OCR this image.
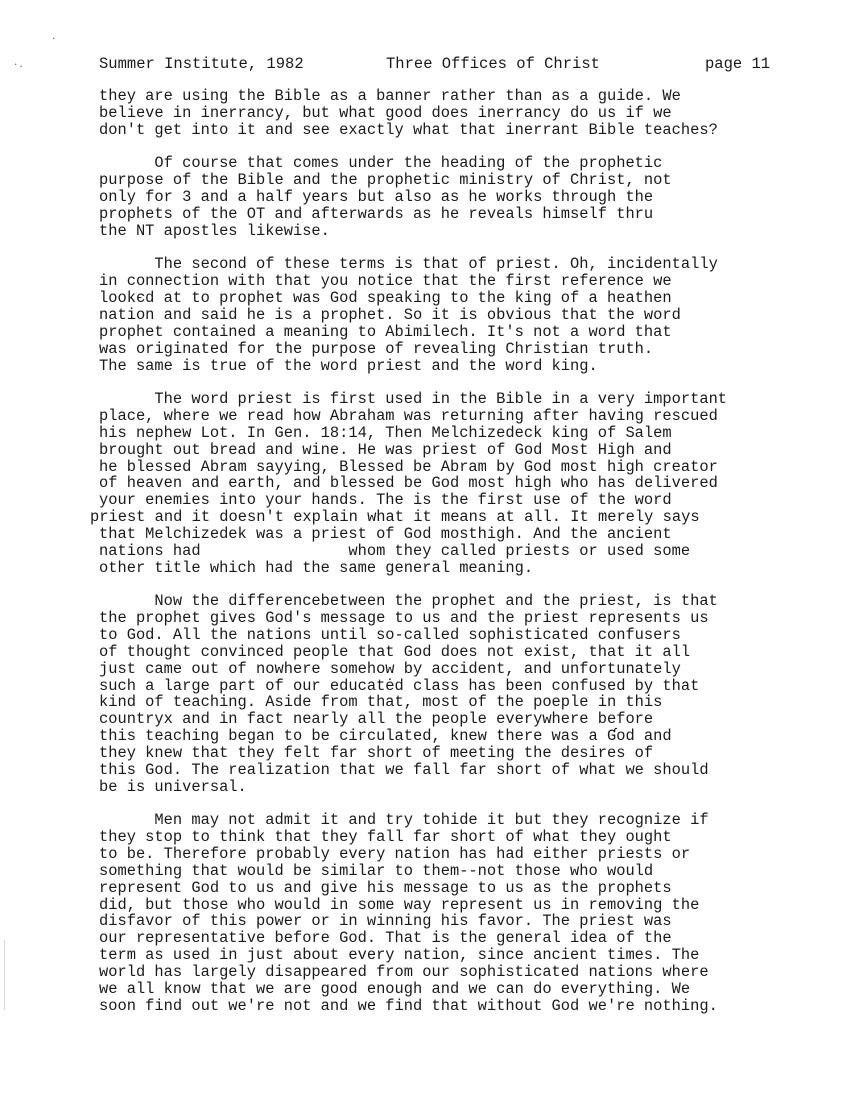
·
·.	Summer Institute, 1982	Three Offices of Christ	page 11
they are using the Bible as a banner rather than as a guide. We
believe in inerrancy, but what good does inerrancy do us if we
don't get into it and see exactly what that inerrant Bible teaches?
Of course that comes under the heading of the prophetic
purpose of the Bible and the prophetic ministry of Christ, not
only for 3 and a half years but also as he works through the
prophets of the OT and afterwards as he reveals himself thru
the NT apostles likewise.
The second of these terms is that of priest. Oh, incidentally
in connection with that you notice that the first reference we
lookєd at to prophet was God speaking to the king of a heathen
nation and said he is a prophet. So it is obvious that the word
prophet contained a meaning to Abimilech. It's not a word that
was originated for the purpose of revealing Christian truth.
The same is true of the word priest and the word king.
The word priest is first used in the Bible in a very important
place, where we read how Abraham was returning after having rescued
his nephew Lot. In Gen. 18:14, Then Melchizedeck king of Salem
brought out bread and wine. He was priest of God Most High and
he blessed Abram sayying, Blessed be Abram by God most high creator
of heaven and earth, and blessed be God most high who has delivered
your enemies into your hands. The is the first use of the word
priest and it doesn't explain what it means at all. It merely says
that Melchizedek was a priest of God mosthigh. And the ancient
nations had                whom they called priests or used some
other title which had the same general meaning.
Now the differencebetween the prophet and the priest, is that
the prophet gives God's message to us and the priest represents us
to God. All the nations until so-called sophisticated confusers
of thought convinced people that God does not exist, that it all
just came out of nowhere somehow by accident, and unfortunately
such a large part of our educatėd class has been confused by that
kind of teaching. Aside from that, most of the poeple in this
countryx and in fact nearly all the people everywhere before
this teaching began to be circulated, knew there was a Ɠod and
they knew that they felt far short of meeting the desires of
this God. The realization that we fall far short of what we should
be is universal.
Men may not admit it and try tohide it but they recognize if
they stop to think that they fall far short of what they ought
to be. Therefore probably every nation has had either priests or
something that would be similar to them--not those who would
represent God to us and give his message to us as the prophets
did, but those who would in some way represent us in removing the
disfavor of this power or in winning his favor. The priest was
our representative before God. That is the general idea of the
term as used in just about every nation, since ancient times. The
world has largely disappeared from our sophisticated nations where
we all know that we are good enough and we can do everything. We
soon find out we're not and we find that without God we're nothing.
